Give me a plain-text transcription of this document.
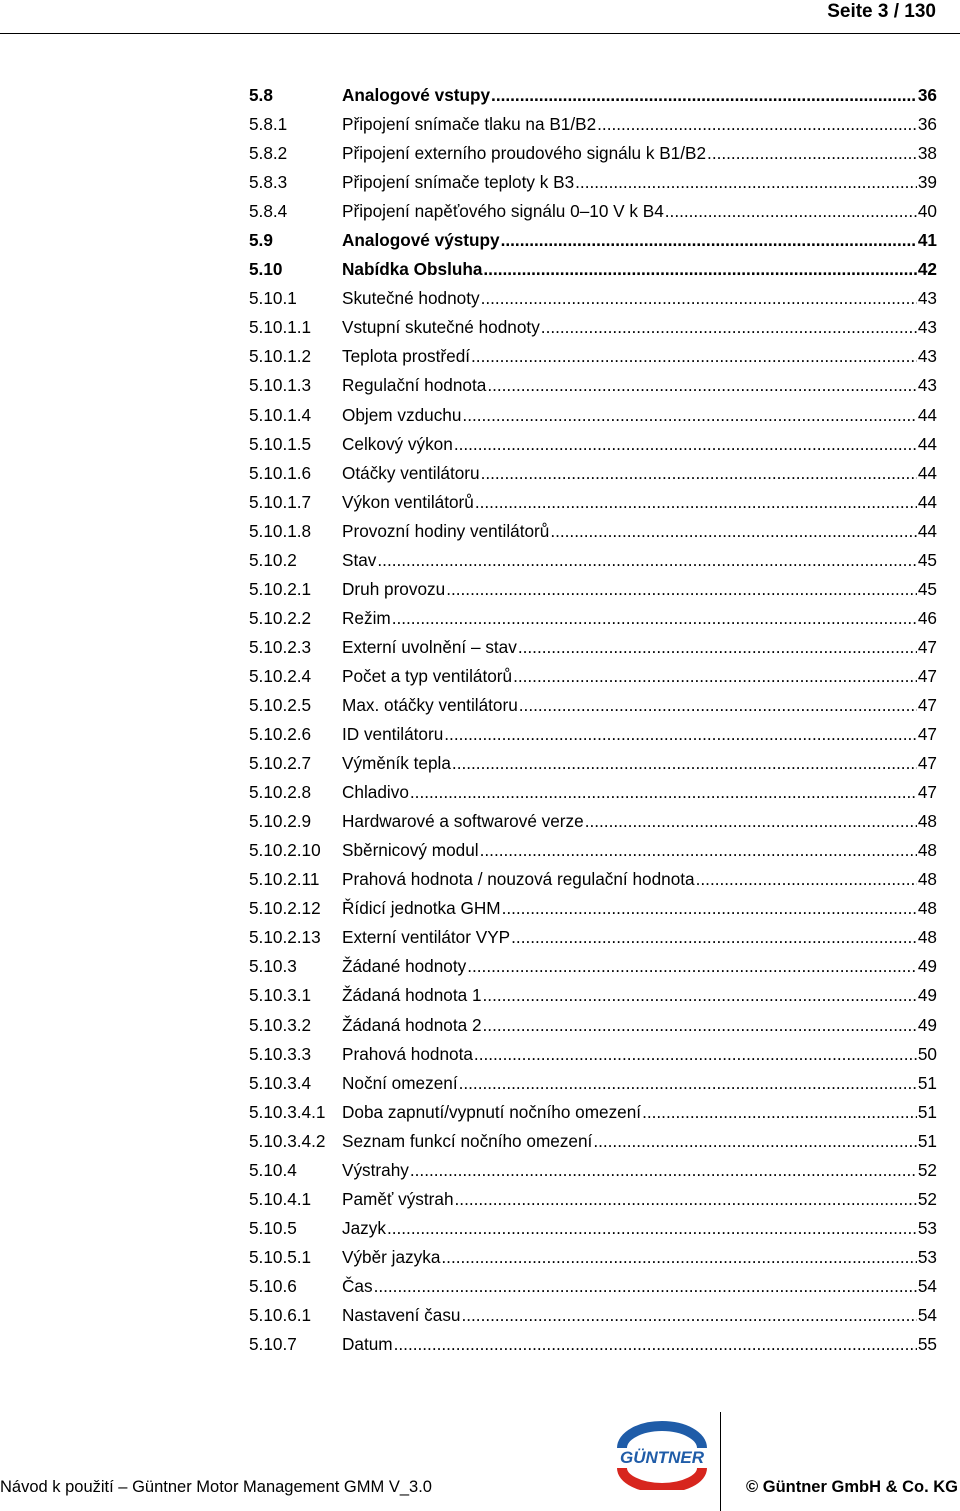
Seite 3 / 130
5.8	Analogové vstupy .....	36
5.8.1	Připojení snímače tlaku na B1/B2 .....	36
5.8.2	Připojení externího proudového signálu k B1/B2 .....	38
5.8.3	Připojení snímače teploty k B3 .....	39
5.8.4	Připojení napěťového signálu 0–10 V k B4 .....	40
5.9	Analogové výstupy .....	41
5.10	Nabídka Obsluha .....	42
5.10.1	Skutečné hodnoty .....	43
5.10.1.1	Vstupní skutečné hodnoty .....	43
5.10.1.2	Teplota prostředí .....	43
5.10.1.3	Regulační hodnota .....	43
5.10.1.4	Objem vzduchu .....	44
5.10.1.5	Celkový výkon .....	44
5.10.1.6	Otáčky ventilátoru .....	44
5.10.1.7	Výkon ventilátorů .....	44
5.10.1.8	Provozní hodiny ventilátorů .....	44
5.10.2	Stav .....	45
5.10.2.1	Druh provozu .....	45
5.10.2.2	Režim .....	46
5.10.2.3	Externí uvolnění – stav .....	47
5.10.2.4	Počet a typ ventilátorů .....	47
5.10.2.5	Max. otáčky ventilátoru .....	47
5.10.2.6	ID ventilátoru .....	47
5.10.2.7	Výměník tepla .....	47
5.10.2.8	Chladivo .....	47
5.10.2.9	Hardwarové a softwarové verze .....	48
5.10.2.10	Sběrnicový modul .....	48
5.10.2.11	Prahová hodnota / nouzová regulační hodnota .....	48
5.10.2.12	Řídicí jednotka GHM .....	48
5.10.2.13	Externí ventilátor VYP .....	48
5.10.3	Žádané hodnoty .....	49
5.10.3.1	Žádaná hodnota 1 .....	49
5.10.3.2	Žádaná hodnota 2 .....	49
5.10.3.3	Prahová hodnota .....	50
5.10.3.4	Noční omezení .....	51
5.10.3.4.1 Doba zapnutí/vypnutí nočního omezení .....	51
5.10.3.4.2 Seznam funkcí nočního omezení .....	51
5.10.4	Výstrahy .....	52
5.10.4.1	Paměť výstrah .....	52
5.10.5	Jazyk .....	53
5.10.5.1	Výběr jazyka .....	53
5.10.6	Čas .....	54
5.10.6.1	Nastavení času .....	54
5.10.7	Datum .....	55
GÜNTNER
Návod k použití – Güntner Motor Management GMM V_3.0	© Güntner GmbH & Co. KG
